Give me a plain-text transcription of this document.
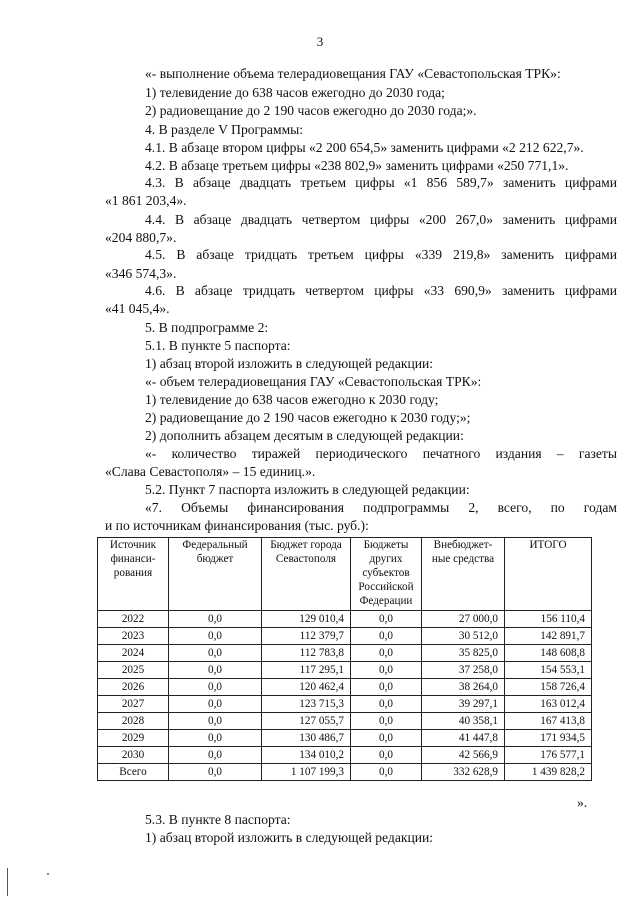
3
«- выполнение объема телерадиовещания ГАУ «Севастопольская ТРК»:
1) телевидение до 638 часов ежегодно до 2030 года;
2) радиовещание до 2 190 часов ежегодно до 2030 года;».
4. В разделе V Программы:
4.1. В абзаце втором цифры «2 200 654,5» заменить цифрами «2 212 622,7».
4.2. В абзаце третьем цифры «238 802,9» заменить цифрами «250 771,1».
4.3. В абзаце двадцать третьем цифры «1 856 589,7» заменить цифрами
«1 861 203,4».
4.4. В абзаце двадцать четвертом цифры «200 267,0» заменить цифрами
«204 880,7».
4.5. В абзаце тридцать третьем цифры «339 219,8» заменить цифрами
«346 574,3».
4.6. В абзаце тридцать четвертом цифры «33 690,9» заменить цифрами
«41 045,4».
5. В подпрограмме 2:
5.1. В пункте 5 паспорта:
1) абзац второй изложить в следующей редакции:
«- объем телерадиовещания ГАУ «Севастопольская ТРК»:
1) телевидение до 638 часов ежегодно к 2030 году;
2) радиовещание до 2 190 часов ежегодно к 2030 году;»;
2) дополнить абзацем десятым в следующей редакции:
«- количество тиражей периодического печатного издания – газеты
«Слава Севастополя» – 15 единиц.».
5.2. Пункт 7 паспорта изложить в следующей редакции:
«7. Объемы финансирования подпрограммы 2, всего, по годам
и по источникам финансирования (тыс. руб.):
Источник финанси-рования	Федеральный бюджет	Бюджет города Севастополя	Бюджеты других субъектов Российской Федерации	Внебюджет-ные средства	ИТОГО
2022	0,0	129 010,4	0,0	27 000,0	156 110,4
2023	0,0	112 379,7	0,0	30 512,0	142 891,7
2024	0,0	112 783,8	0,0	35 825,0	148 608,8
2025	0,0	117 295,1	0,0	37 258,0	154 553,1
2026	0,0	120 462,4	0,0	38 264,0	158 726,4
2027	0,0	123 715,3	0,0	39 297,1	163 012,4
2028	0,0	127 055,7	0,0	40 358,1	167 413,8
2029	0,0	130 486,7	0,0	41 447,8	171 934,5
2030	0,0	134 010,2	0,0	42 566,9	176 577,1
Всего	0,0	1 107 199,3	0,0	332 628,9	1 439 828,2
».
5.3. В пункте 8 паспорта:
1) абзац второй изложить в следующей редакции:
